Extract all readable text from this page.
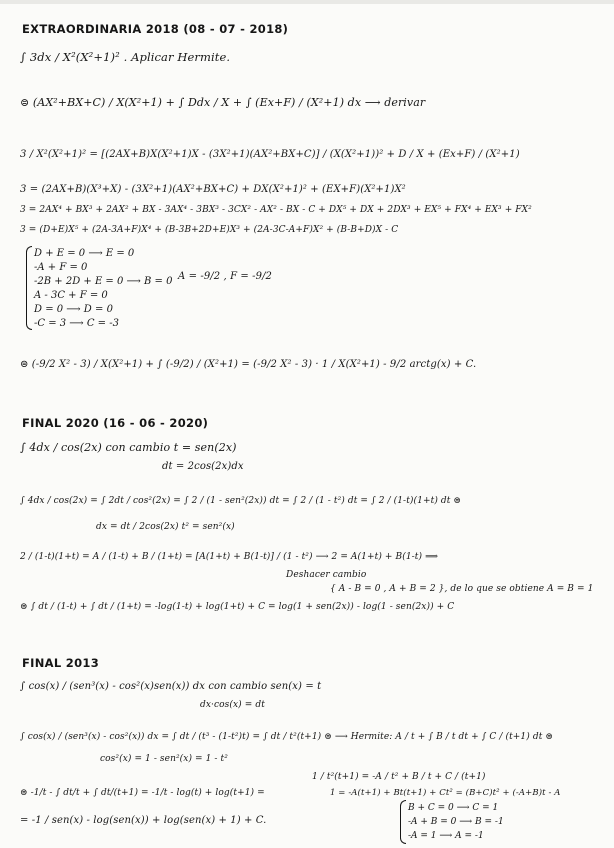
EXTRAORDINARIA 2018 (08 - 07 - 2018)
∫ 3dx / X²(X²+1)² . Aplicar Hermite.
⊜ (AX²+BX+C) / X(X²+1) + ∫ Ddx / X + ∫ (Ex+F) / (X²+1) dx ⟶ derivar
3 / X²(X²+1)² = [(2AX+B)X(X²+1)X - (3X²+1)(AX²+BX+C)] / (X(X²+1))² + D / X + (Ex+F) / (X²+1)
3 = (2AX+B)(X³+X) - (3X²+1)(AX²+BX+C) + DX(X²+1)² + (EX+F)(X²+1)X²
3 = 2AX⁴ + BX³ + 2AX² + BX - 3AX⁴ - 3BX³ - 3CX² - AX² - BX - C + DX⁵ + DX + 2DX³ + EX⁵ + FX⁴ + EX³ + FX²
3 = (D+E)X⁵ + (2A-3A+F)X⁴ + (B-3B+2D+E)X³ + (2A-3C-A+F)X² + (B-B+D)X - C
D + E = 0 ⟶ E = 0
-A + F = 0
-2B + 2D + E = 0 ⟶ B = 0
A - 3C + F = 0
D = 0 ⟶ D = 0
-C = 3 ⟶ C = -3
A = -9/2 , F = -9/2
⊜ (-9/2 X² - 3) / X(X²+1) + ∫ (-9/2) / (X²+1) = (-9/2 X² - 3) · 1 / X(X²+1) - 9/2 arctg(x) + C.
FINAL 2020 (16 - 06 - 2020)
∫ 4dx / cos(2x) con cambio t = sen(2x)
dt = 2cos(2x)dx
∫ 4dx / cos(2x) = ∫ 2dt / cos²(2x) = ∫ 2 / (1 - sen²(2x)) dt = ∫ 2 / (1 - t²) dt = ∫ 2 / (1-t)(1+t) dt ⊜
dx = dt / 2cos(2x) t² = sen²(x)
2 / (1-t)(1+t) = A / (1-t) + B / (1+t) = [A(1+t) + B(1-t)] / (1 - t²) ⟶ 2 = A(1+t) + B(1-t) ⟹
Deshacer cambio
{ A - B = 0 , A + B = 2 }, de lo que se obtiene A = B = 1
⊜ ∫ dt / (1-t) + ∫ dt / (1+t) = -log(1-t) + log(1+t) + C = log(1 + sen(2x)) - log(1 - sen(2x)) + C
FINAL 2013
∫ cos(x) / (sen³(x) - cos²(x)sen(x)) dx con cambio sen(x) = t
dx·cos(x) = dt
∫ cos(x) / (sen³(x) - cos²(x)) dx = ∫ dt / (t³ - (1-t²)t) = ∫ dt / t²(t+1) ⊜ ⟶ Hermite: A / t + ∫ B / t dt + ∫ C / (t+1) dt ⊜
cos²(x) = 1 - sen²(x) = 1 - t²
1 / t²(t+1) = -A / t² + B / t + C / (t+1)
⊜ -1/t - ∫ dt/t + ∫ dt/(t+1) = -1/t - log(t) + log(t+1) =	1 = -A(t+1) + Bt(t+1) + Ct² = (B+C)t² + (-A+B)t - A
= -1 / sen(x) - log(sen(x)) + log(sen(x) + 1) + C.
B + C = 0 ⟶ C = 1
-A + B = 0 ⟶ B = -1
-A = 1 ⟶ A = -1
